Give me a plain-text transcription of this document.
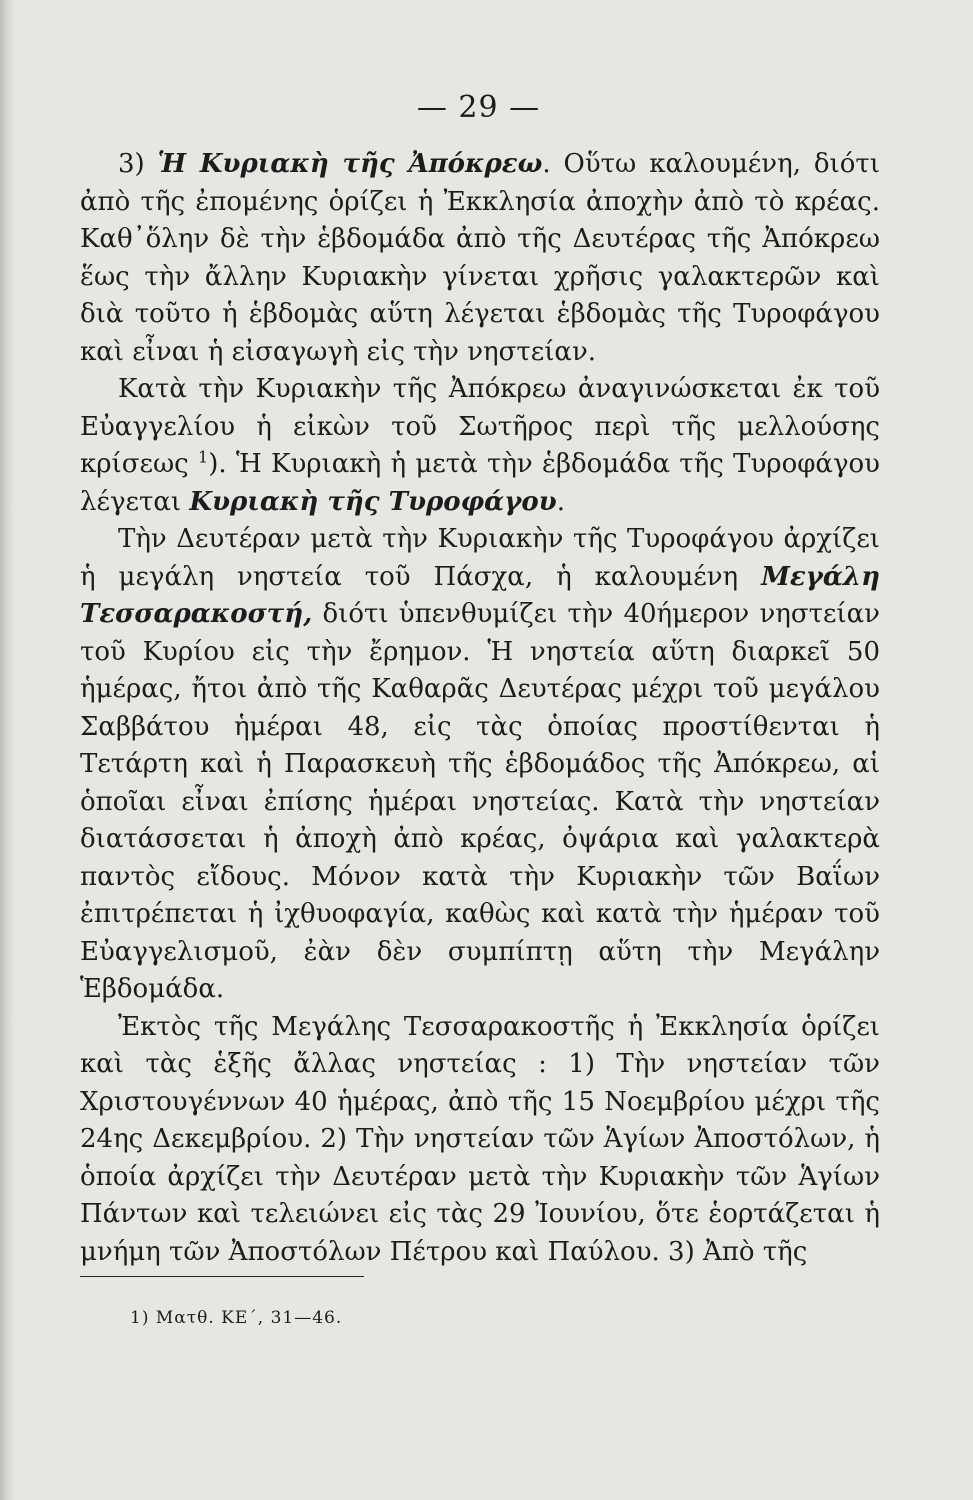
— 29 —

3) Ἡ Κυριακὴ τῆς Ἀπόκρεω. Οὕτω καλουμένη, διότι ἀπὸ τῆς ἐπομένης ὁρίζει ἡ Ἐκκλησία ἀποχὴν ἀπὸ τὸ κρέας. Καθ᾿ὅλην δὲ τὴν ἑβδομάδα ἀπὸ τῆς Δευτέρας τῆς Ἀπόκρεω ἕως τὴν ἄλλην Κυριακὴν γίνεται χρῆσις γαλακτερῶν καὶ διὰ τοῦτο ἡ ἑβδομὰς αὕτη λέγεται ἑβδομὰς τῆς Τυροφάγου καὶ εἶναι ἡ εἰσαγωγὴ εἰς τὴν νηστείαν.

Κατὰ τὴν Κυριακὴν τῆς Ἀπόκρεω ἀναγινώσκεται ἐκ τοῦ Εὐαγγελίου ἡ εἰκὼν τοῦ Σωτῆρος περὶ τῆς μελλούσης κρίσεως $^1$). Ἡ Κυριακὴ ἡ μετὰ τὴν ἑβδομάδα τῆς Τυροφάγου λέγεται Κυριακὴ τῆς Τυροφάγου.

Τὴν Δευτέραν μετὰ τὴν Κυριακὴν τῆς Τυροφάγου ἀρχίζει ἡ μεγάλη νηστεία τοῦ Πάσχα, ἡ καλουμένη Μεγάλη Τεσσαρακοστή, διότι ὑπενθυμίζει τὴν 40ήμερον νηστείαν τοῦ Κυρίου εἰς τὴν ἔρημον. Ἡ νηστεία αὕτη διαρκεῖ 50 ἡμέρας, ἤτοι ἀπὸ τῆς Καθαρᾶς Δευτέρας μέχρι τοῦ μεγάλου Σαββάτου ἡμέραι 48, εἰς τὰς ὁποίας προστίθενται ἡ Τετάρτη καὶ ἡ Παρασκευὴ τῆς ἑβδομάδος τῆς Ἀπόκρεω, αἱ ὁποῖαι εἶναι ἐπίσης ἡμέραι νηστείας. Κατὰ τὴν νηστείαν διατάσσεται ἡ ἀποχὴ ἀπὸ κρέας, ὀψάρια καὶ γαλακτερὰ παντὸς εἴδους. Μόνον κατὰ τὴν Κυριακὴν τῶν Βαΐων ἐπιτρέπεται ἡ ἰχθυοφαγία, καθὼς καὶ κατὰ τὴν ἡμέραν τοῦ Εὐαγγελισμοῦ, ἐὰν δὲν συμπίπτῃ αὕτη τὴν Μεγάλην Ἑβδομάδα.

Ἐκτὸς τῆς Μεγάλης Τεσσαρακοστῆς ἡ Ἐκκλησία ὁρίζει καὶ τὰς ἑξῆς ἄλλας νηστείας : 1) Τὴν νηστείαν τῶν Χριστουγέννων 40 ἡμέρας, ἀπὸ τῆς 15 Νοεμβρίου μέχρι τῆς 24ης Δεκεμβρίου. 2) Τὴν νηστείαν τῶν Ἁγίων Ἀποστόλων, ἡ ὁποία ἀρχίζει τὴν Δευτέραν μετὰ τὴν Κυριακὴν τῶν Ἁγίων Πάντων καὶ τελειώνει εἰς τὰς 29 Ἰουνίου, ὅτε ἑορτάζεται ἡ μνήμη τῶν Ἀποστόλων Πέτρου καὶ Παύλου. 3) Ἀπὸ τῆς

1) Ματθ. ΚΕ΄, 31—46.
